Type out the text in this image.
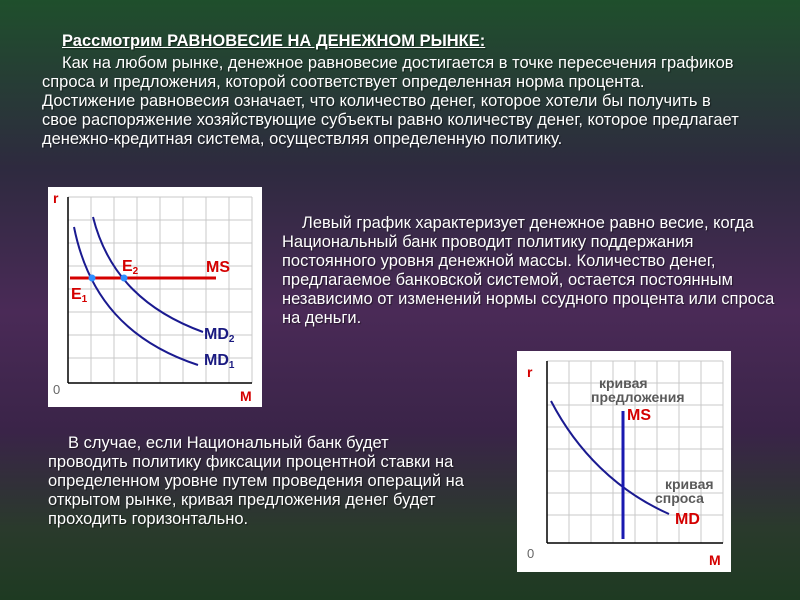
Рассмотрим РАВНОВЕСИЕ НА ДЕНЕЖНОМ РЫНКЕ:
Как на любом рынке, денежное равновесие достигается в точке пересечения графиков спроса и предложения, которой соответствует определенная норма процента. Достижение равновесия означает, что количество денег, которое хотели бы получить в свое распоряжение хозяйствующие субъекты равно количеству денег, которое предлагает денежно-кредитная система, осуществляя определенную политику.
r
0	M
MS
E2
E1
MD2
MD1
Левый график характеризует денежное равно весие, когда Национальный банк проводит политику поддержания постоянного уровня денежной массы. Количество денег, предлагаемое банковской системой, остается постоянным независимо от изменений нормы ссудного процента или спроса на деньги.
В случае, если Национальный банк будет проводить политику фиксации процентной ставки на определенном уровне путем проведения операций на открытом рынке, кривая предложения денег будет проходить горизонтально.
r
0	M
кривая
предложения
MS
кривая
спроса
MD
